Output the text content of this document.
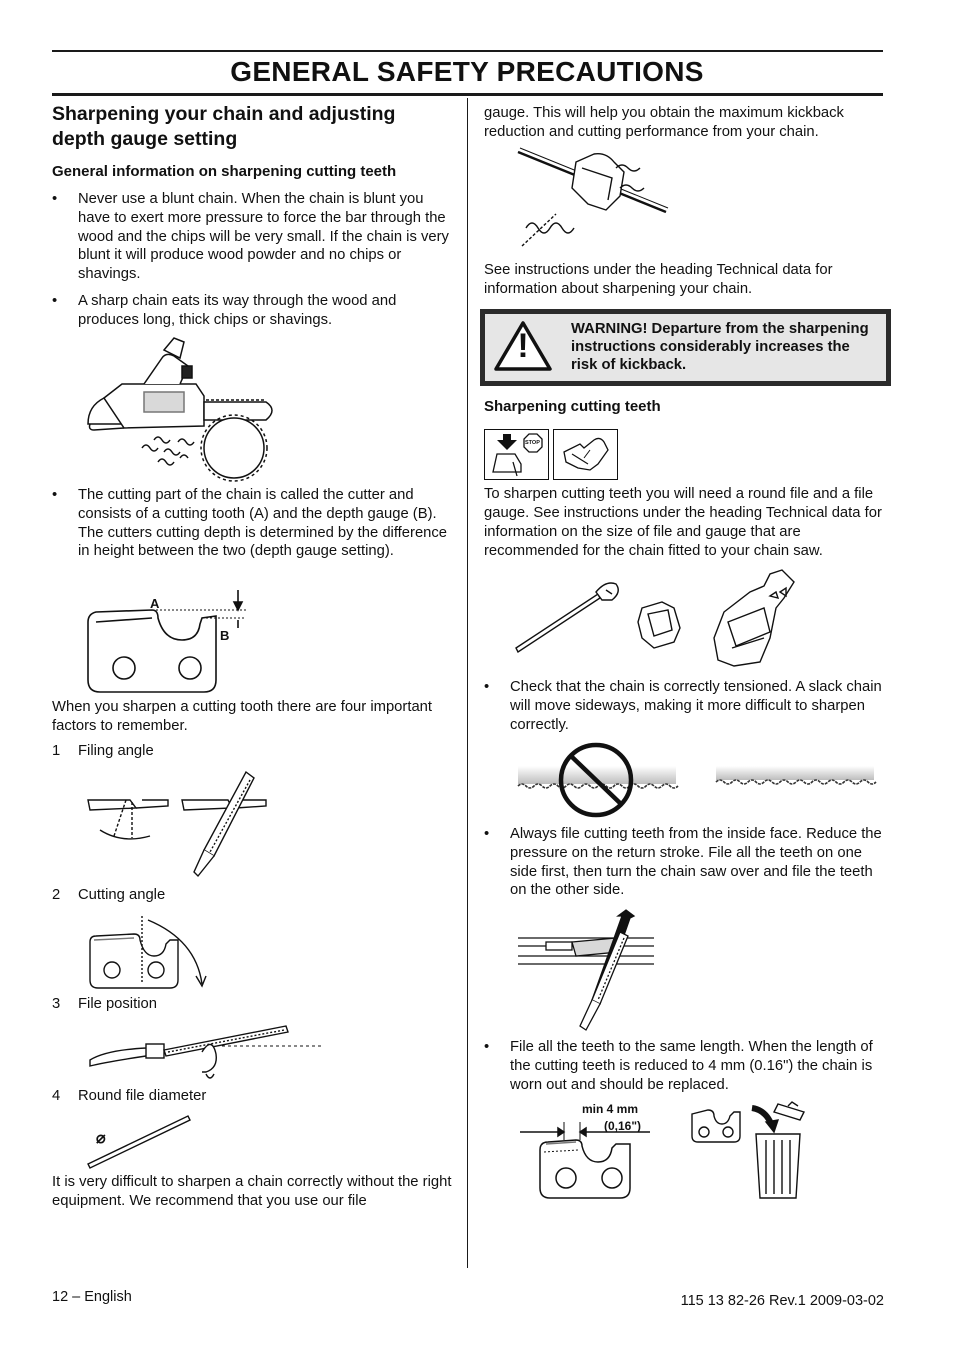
GENERAL SAFETY PRECAUTIONS
Sharpening your chain and adjusting
depth gauge setting
General information on sharpening cutting teeth
• Never use a blunt chain. When the chain is blunt you have to exert more pressure to force the bar through the wood and the chips will be very small. If the chain is very blunt it will produce wood powder and no chips or shavings.
• A sharp chain eats its way through the wood and produces long, thick chips or shavings.
• The cutting part of the chain is called the cutter and consists of a cutting tooth (A) and the depth gauge (B). The cutters cutting depth is determined by the difference in height between the two (depth gauge setting).
A
B
When you sharpen a cutting tooth there are four important factors to remember.
1 Filing angle
2 Cutting angle
3 File position
4 Round file diameter
⌀
It is very difficult to sharpen a chain correctly without the right equipment. We recommend that you use our file
gauge. This will help you obtain the maximum kickback reduction and cutting performance from your chain.
See instructions under the heading Technical data for information about sharpening your chain.
!	WARNING! Departure from the sharpening instructions considerably increases the risk of kickback.
Sharpening cutting teeth
STOP
To sharpen cutting teeth you will need a round file and a file gauge. See instructions under the heading Technical data for information on the size of file and gauge that are recommended for the chain fitted to your chain saw.
• Check that the chain is correctly tensioned. A slack chain will move sideways, making it more difficult to sharpen correctly.
• Always file cutting teeth from the inside face. Reduce the pressure on the return stroke. File all the teeth on one side first, then turn the chain saw over and file the teeth on the other side.
• File all the teeth to the same length. When the length of the cutting teeth is reduced to 4 mm (0.16") the chain is worn out and should be replaced.
min 4 mm
(0,16")
12 – English	115 13 82-26 Rev.1 2009-03-02
